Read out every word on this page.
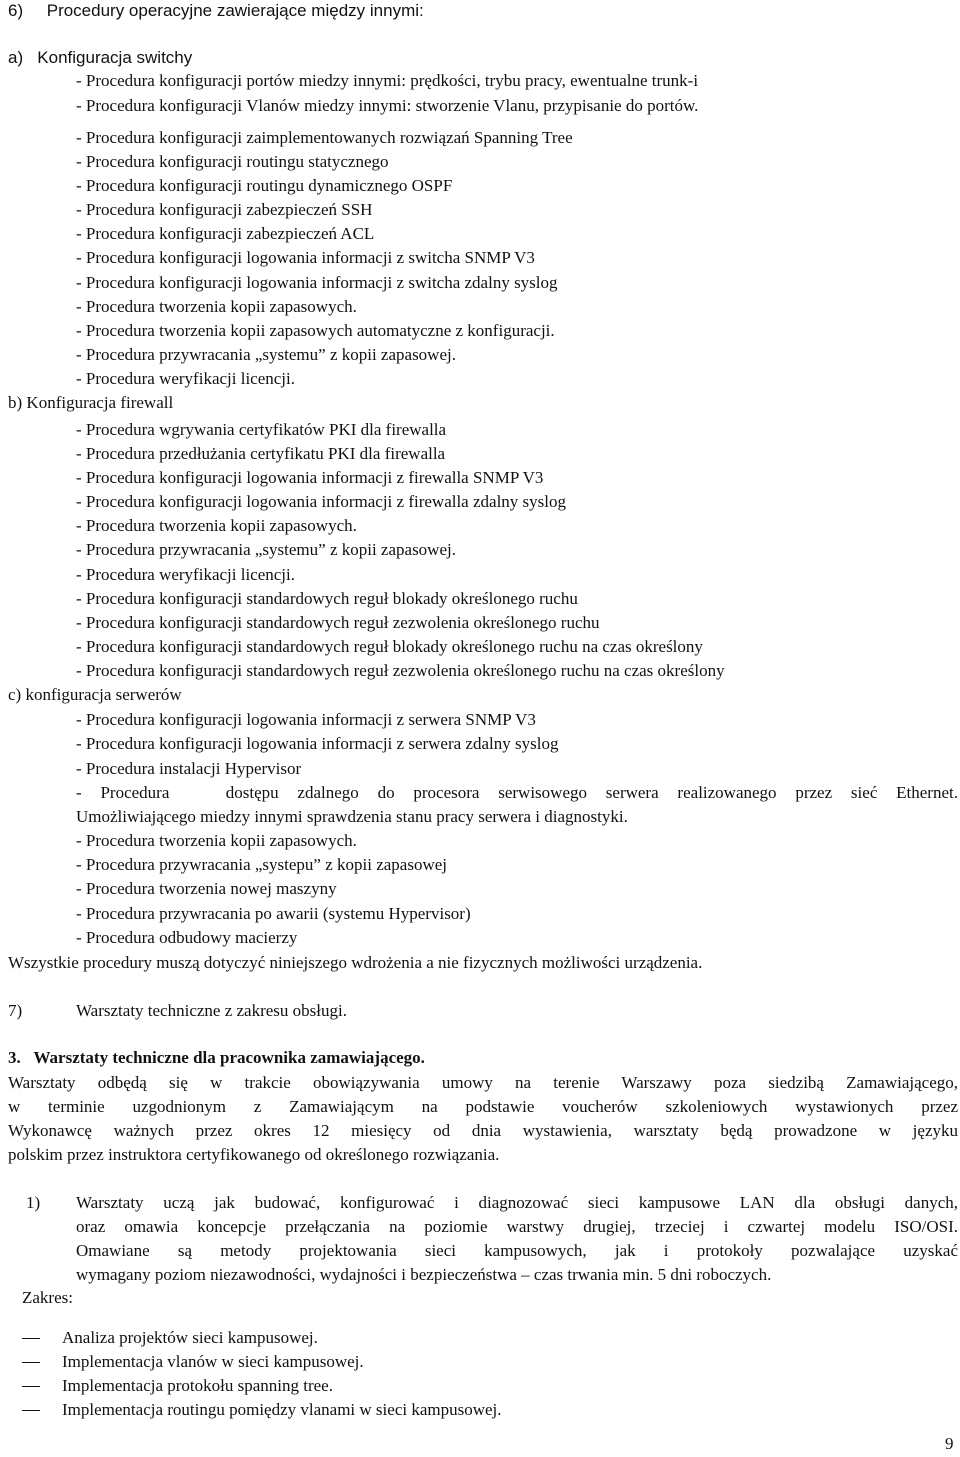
6)     Procedury operacyjne zawierające między innymi:
a)   Konfiguracja switchy
- Procedura konfiguracji portów miedzy innymi: prędkości, trybu pracy, ewentualne trunk-i
- Procedura konfiguracji Vlanów miedzy innymi: stworzenie Vlanu, przypisanie do portów.
- Procedura konfiguracji zaimplementowanych rozwiązań Spanning Tree
- Procedura konfiguracji routingu statycznego
- Procedura konfiguracji routingu dynamicznego OSPF
- Procedura konfiguracji zabezpieczeń SSH
- Procedura konfiguracji zabezpieczeń ACL
- Procedura konfiguracji logowania informacji z switcha SNMP V3
- Procedura konfiguracji logowania informacji z switcha zdalny syslog
- Procedura tworzenia kopii zapasowych.
- Procedura tworzenia kopii zapasowych automatyczne z konfiguracji.
- Procedura przywracania „systemu” z kopii zapasowej.
- Procedura weryfikacji licencji.
b) Konfiguracja firewall
- Procedura wgrywania certyfikatów PKI dla firewalla
- Procedura przedłużania certyfikatu PKI dla firewalla
- Procedura konfiguracji logowania informacji z firewalla SNMP V3
- Procedura konfiguracji logowania informacji z firewalla zdalny syslog
- Procedura tworzenia kopii zapasowych.
- Procedura przywracania „systemu” z kopii zapasowej.
- Procedura weryfikacji licencji.
- Procedura konfiguracji standardowych reguł blokady określonego ruchu
- Procedura konfiguracji standardowych reguł zezwolenia określonego ruchu
- Procedura konfiguracji standardowych reguł blokady określonego ruchu na czas określony
- Procedura konfiguracji standardowych reguł zezwolenia określonego ruchu na czas określony
c) konfiguracja serwerów
- Procedura konfiguracji logowania informacji z serwera SNMP V3
- Procedura konfiguracji logowania informacji z serwera zdalny syslog
- Procedura instalacji Hypervisor
- Procedura   dostępu zdalnego do procesora serwisowego serwera realizowanego przez sieć Ethernet.
Umożliwiającego miedzy innymi sprawdzenia stanu pracy serwera i diagnostyki.
- Procedura tworzenia kopii zapasowych.
- Procedura przywracania „systepu” z kopii zapasowej
- Procedura tworzenia nowej maszyny
- Procedura przywracania po awarii (systemu Hypervisor)
- Procedura odbudowy macierzy
Wszystkie procedury muszą dotyczyć niniejszego wdrożenia a nie fizycznych możliwości urządzenia.
7)	Warsztaty techniczne z zakresu obsługi.
3.   Warsztaty techniczne dla pracownika zamawiającego.
Warsztaty odbędą się w trakcie obowiązywania umowy na terenie Warszawy poza siedzibą Zamawiającego,
w terminie uzgodnionym z Zamawiającym na podstawie voucherów szkoleniowych wystawionych przez
Wykonawcę ważnych przez okres 12 miesięcy od dnia wystawienia, warsztaty będą prowadzone w języku
polskim przez instruktora certyfikowanego od określonego rozwiązania.
1) Warsztaty uczą jak budować, konfigurować i diagnozować sieci kampusowe LAN dla obsługi danych,
oraz omawia koncepcje przełączania na poziomie warstwy drugiej, trzeciej i czwartej modelu ISO/OSI.
Omawiane są metody projektowania sieci kampusowych, jak i protokoły pozwalające uzyskać
wymagany poziom niezawodności, wydajności i bezpieczeństwa – czas trwania min. 5 dni roboczych.
Zakres:
Analiza projektów sieci kampusowej.
Implementacja vlanów w sieci kampusowej.
Implementacja protokołu spanning tree.
Implementacja routingu pomiędzy vlanami w sieci kampusowej.
9
